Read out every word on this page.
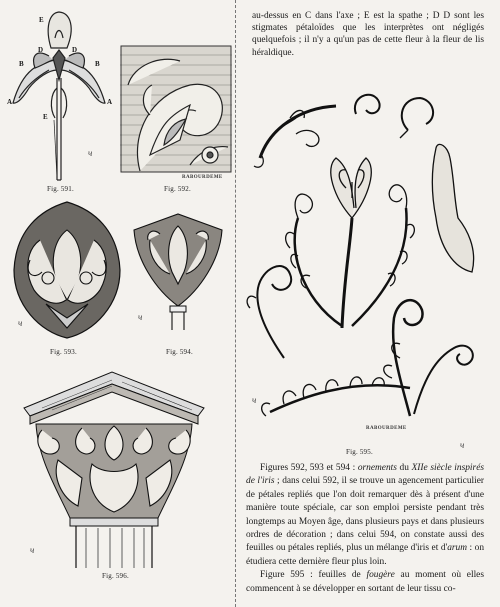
E
D	D
B	B
A	A
E
Fig. 591.
ч
RABOURDEME
Fig. 592.
Fig. 593.
ч
Fig. 594.
ч
Fig. 596.
ч

au-dessus en C dans l'axe ; E est la spathe ; D D sont les stigmates pétaloïdes que les interprètes ont négligés quelquefois ; il n'y a qu'un pas de cette fleur à la fleur de lis héraldique.

RABOURDEME
Fig. 595.
ч
ч

Figures 592, 593 et 594 : ornements du XIIe siècle inspirés de l'iris ; dans celui 592, il se trouve un agencement particulier de pétales repliés que l'on doit remarquer dès à présent d'une manière toute spéciale, car son emploi persiste pendant très longtemps au Moyen âge, dans plusieurs pays et dans plusieurs ordres de décoration ; dans celui 594, on constate aussi des feuilles ou pétales repliés, plus un mélange d'iris et d'arum : on étudiera cette dernière fleur plus loin.

Figure 595 : feuilles de fougère au moment où elles commencent à se développer en sortant de leur tissu co-
